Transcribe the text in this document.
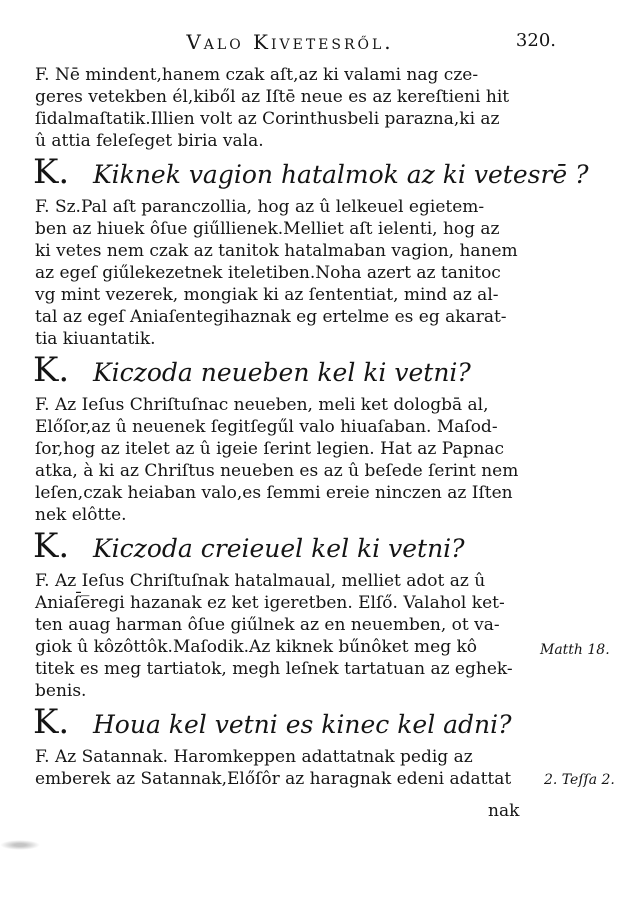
Valo Kivetesről.	320.
F. Nē mindent,hanem czak aſt,az ki valami nag cze-
geres vetekben él,kiből az Iſtē neue es az kereſtieni hit
ſidalmaſtatik.Illien volt az Corinthusbeli parazna,ki az
û attia feleſeget biria vala.
K. Kiknek vagion hatalmok az ki vetesrē ?
F. Sz.Pal aſt paranczollia, hog az û lelkeuel egietem-
ben az hiuek ôſue giűllienek.Melliet aſt ielenti, hog az
ki vetes nem czak az tanitok hatalmaban vagion, hanem
az egeſ giűlekezetnek iteletiben.Noha azert az tanitoc
vg mint vezerek, mongiak ki az ſententiat, mind az al-
tal az egeſ Aniaſentegihaznak eg ertelme es eg akarat-
tia kiuantatik.
K. Kiczoda neueben kel ki vetni?
F. Az Ieſus Chriſtuſnac neueben, meli ket dologbā al,
Előſor,az û neuenek ſegitſegűl valo hiuaſaban. Maſod-
ſor,hog az itelet az û igeie ſerint legien. Hat az Papnac
atka, à ki az Chriſtus neueben es az û beſede ſerint nem
leſen,czak heiaban valo,es ſemmi ereie ninczen az Iſten
nek elôtte.
K. Kiczoda creieuel kel ki vetni?
F. Az Ieſus Chriſtuſnak hatalmaual, melliet adot az û
Aniaſ̄e̅regi hazanak ez ket igeretben. Elſő. Valahol ket-
ten auag harman ôſue giűlnek az en neuemben, ot va-
giok û kôzôttôk.Maſodik.Az kiknek bűnôket meg kô
titek es meg tartiatok, megh leſnek tartatuan az eghek-
benis.
K. Houa kel vetni es kinec kel adni?
F. Az Satannak. Haromkeppen adattatnak pedig az
emberek az Satannak,Előſôr az haragnak edeni adattat
nak
Matth 18.
2. Teſſa 2.
